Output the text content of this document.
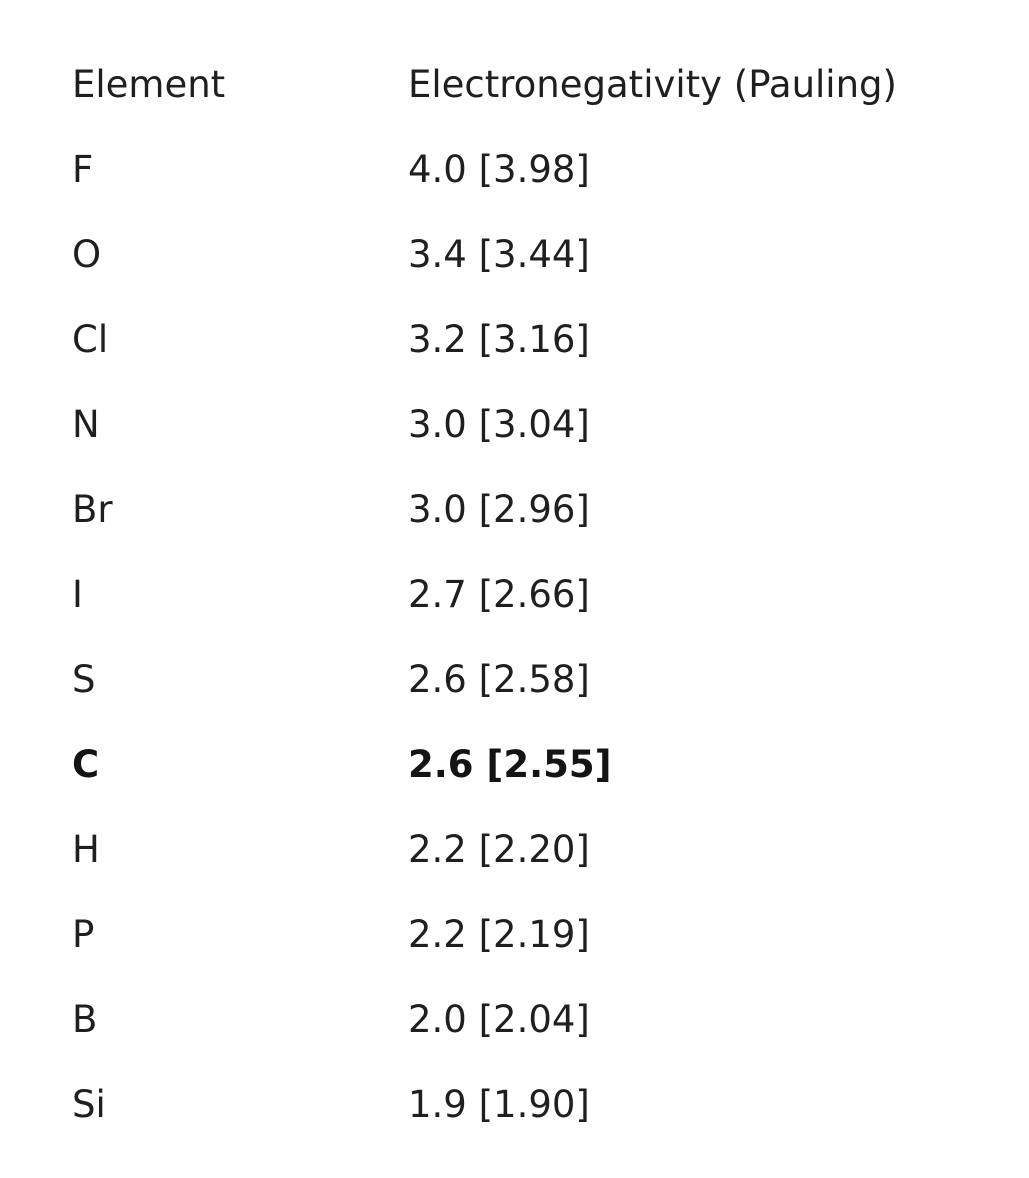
Element	Electronegativity (Pauling)
F	4.0 [3.98]
O	3.4 [3.44]
Cl	3.2 [3.16]
N	3.0 [3.04]
Br	3.0 [2.96]
I	2.7 [2.66]
S	2.6 [2.58]
C	2.6 [2.55]
H	2.2 [2.20]
P	2.2 [2.19]
B	2.0 [2.04]
Si	1.9 [1.90]
